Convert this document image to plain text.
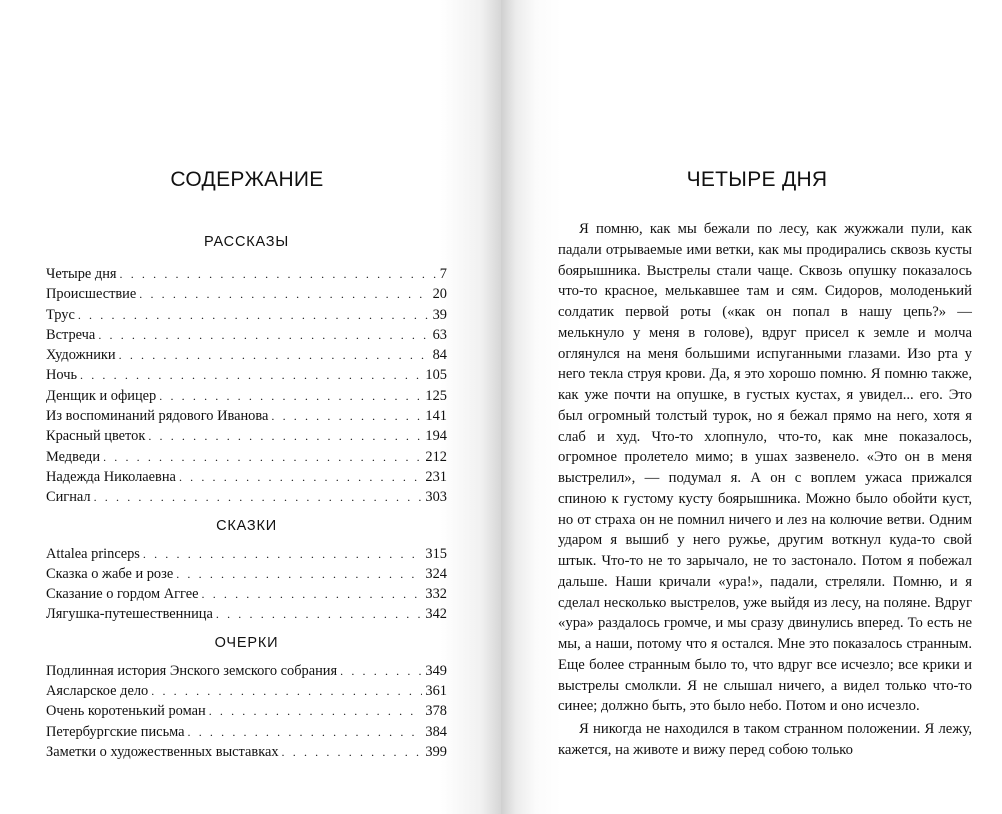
СОДЕРЖАНИЕ
РАССКАЗЫ
Четыре дня . . .	7
Происшествие . . .	20
Трус . . .	39
Встреча . . .	63
Художники . . .	84
Ночь . . .	105
Денщик и офицер . . .	125
Из воспоминаний рядового Иванова . . .	141
Красный цветок . . .	194
Медведи . . .	212
Надежда Николаевна . . .	231
Сигнал . . .	303
СКАЗКИ
Attalea princeps . . .	315
Сказка о жабе и розе . . .	324
Сказание о гордом Аггее . . .	332
Лягушка-путешественница . . .	342
ОЧЕРКИ
Подлинная история Энского земского собрания . . .	349
Аясларское дело . . .	361
Очень коротенький роман . . .	378
Петербургские письма . . .	384
Заметки о художественных выставках . . .	399
ЧЕТЫРЕ ДНЯ

Я помню, как мы бежали по лесу, как жужжали пули, как падали отрываемые ими ветки, как мы продирались сквозь кусты боярышника. Выстрелы стали чаще. Сквозь опушку показалось что-то красное, мелькавшее там и сям. Сидоров, молоденький солдатик первой роты («как он попал в нашу цепь?» — мелькнуло у меня в голове), вдруг присел к земле и молча оглянулся на меня большими испуганными глазами. Изо рта у него текла струя крови. Да, я это хорошо помню. Я помню также, как уже почти на опушке, в густых кустах, я увидел... его. Это был огромный толстый турок, но я бежал прямо на него, хотя я слаб и худ. Что-то хлопнуло, что-то, как мне показалось, огромное пролетело мимо; в ушах зазвенело. «Это он в меня выстрелил», — подумал я. А он с воплем ужаса прижался спиною к густому кусту боярышника. Можно было обойти куст, но от страха он не помнил ничего и лез на колючие ветви. Одним ударом я вышиб у него ружье, другим воткнул куда-то свой штык. Что-то не то зарычало, не то застонало. Потом я побежал дальше. Наши кричали «ура!», падали, стреляли. Помню, и я сделал несколько выстрелов, уже выйдя из лесу, на поляне. Вдруг «ура» раздалось громче, и мы сразу двинулись вперед. То есть не мы, а наши, потому что я остался. Мне это показалось странным. Еще более странным было то, что вдруг все исчезло; все крики и выстрелы смолкли. Я не слышал ничего, а видел только что-то синее; должно быть, это было небо. Потом и оно исчезло.

Я никогда не находился в таком странном положении. Я лежу, кажется, на животе и вижу перед собою только
